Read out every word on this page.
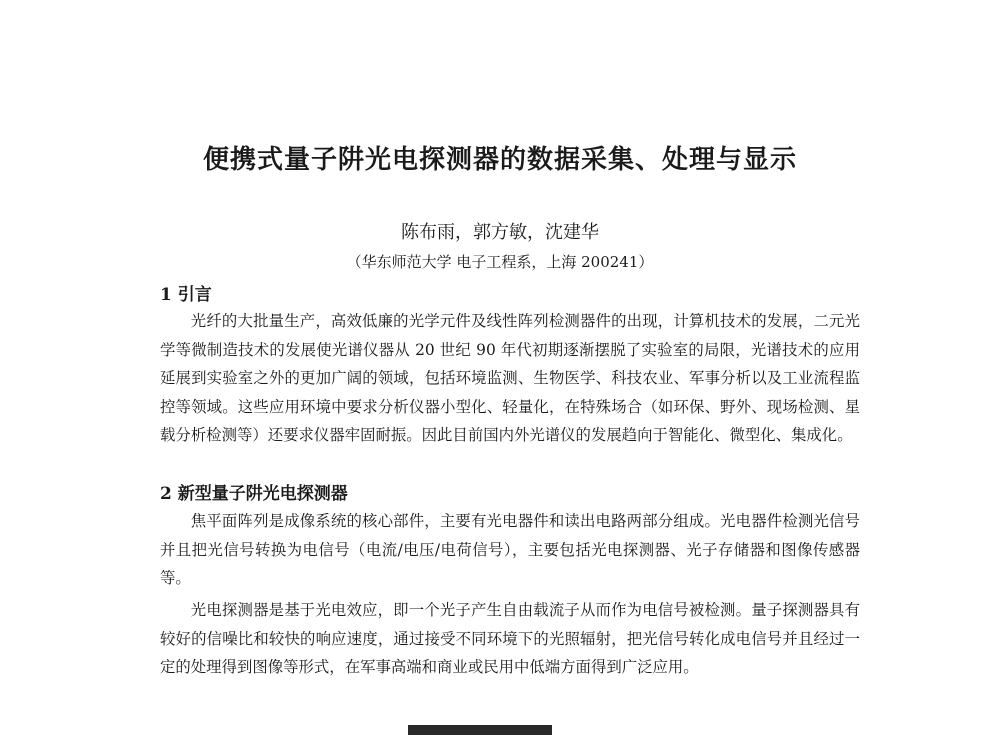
便携式量子阱光电探测器的数据采集、处理与显示

陈布雨，郭方敏，沈建华

（华东师范大学 电子工程系，上海 200241）

1 引言

光纤的大批量生产，高效低廉的光学元件及线性阵列检测器件的出现，计算机技术的发展，二元光学等微制造技术的发展使光谱仪器从 20 世纪 90 年代初期逐渐摆脱了实验室的局限，光谱技术的应用延展到实验室之外的更加广阔的领域，包括环境监测、生物医学、科技农业、军事分析以及工业流程监控等领域。这些应用环境中要求分析仪器小型化、轻量化，在特殊场合（如环保、野外、现场检测、星载分析检测等）还要求仪器牢固耐振。因此目前国内外光谱仪的发展趋向于智能化、微型化、集成化。

2 新型量子阱光电探测器

焦平面阵列是成像系统的核心部件，主要有光电器件和读出电路两部分组成。光电器件检测光信号并且把光信号转换为电信号（电流/电压/电荷信号），主要包括光电探测器、光子存储器和图像传感器等。

光电探测器是基于光电效应，即一个光子产生自由载流子从而作为电信号被检测。量子探测器具有较好的信噪比和较快的响应速度，通过接受不同环境下的光照辐射，把光信号转化成电信号并且经过一定的处理得到图像等形式，在军事高端和商业或民用中低端方面得到广泛应用。
